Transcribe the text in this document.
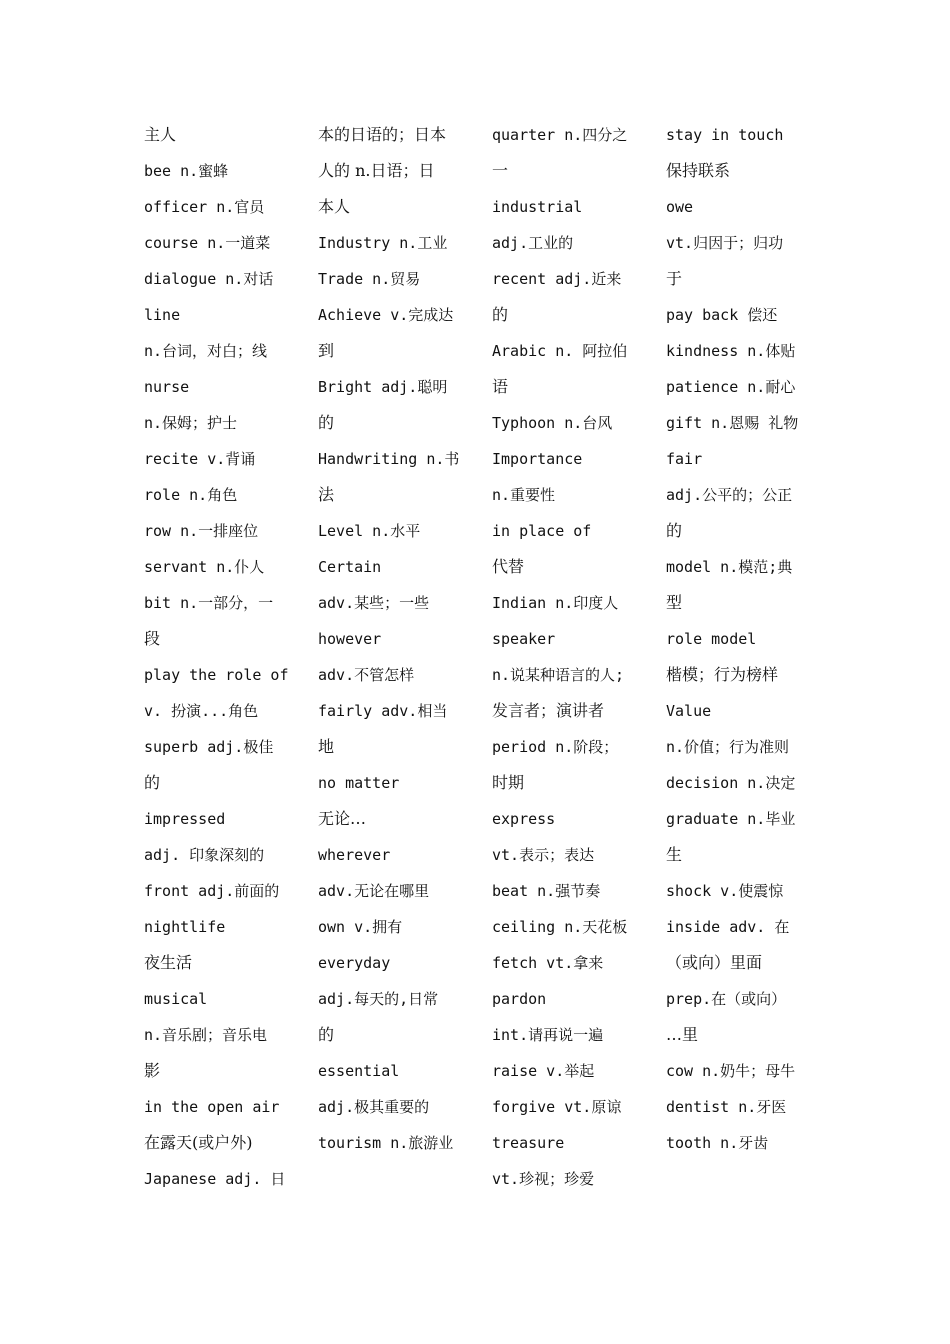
主人
bee n.蜜蜂
officer n.官员
course n.一道菜
dialogue n.对话
line
n.台词，对白；线
nurse
n.保姆；护士
recite v.背诵
role n.角色
row n.一排座位
servant n.仆人
bit n.一部分，一
段
play the role of
v. 扮演...角色
superb adj.极佳
的
impressed
adj. 印象深刻的
front adj.前面的
nightlife
夜生活
musical
n.音乐剧；音乐电
影
in the open air
在露天(或户外)
Japanese adj. 日
本的日语的；日本
人的 n.日语；日
本人
Industry n.工业
Trade n.贸易
Achieve v.完成达
到
Bright adj.聪明
的
Handwriting n.书
法
Level n.水平
Certain
adv.某些；一些
however
adv.不管怎样
fairly adv.相当
地
no matter
无论…
wherever
adv.无论在哪里
own v.拥有
everyday
adj.每天的,日常
的
essential
adj.极其重要的
tourism n.旅游业
quarter n.四分之
一
industrial
adj.工业的
recent adj.近来
的
Arabic n. 阿拉伯
语
Typhoon n.台风
Importance
n.重要性
in place of
代替
Indian n.印度人
speaker
n.说某种语言的人;
发言者；演讲者
period n.阶段；
时期
express
vt.表示；表达
beat n.强节奏
ceiling n.天花板
fetch vt.拿来
pardon
int.请再说一遍
raise v.举起
forgive vt.原谅
treasure
vt.珍视；珍爱
stay in touch
保持联系
owe
vt.归因于；归功
于
pay back 偿还
kindness n.体贴
patience n.耐心
gift n.恩赐 礼物
fair
adj.公平的；公正
的
model n.模范;典
型
role model
楷模；行为榜样
Value
n.价值；行为准则
decision n.决定
graduate n.毕业
生
shock v.使震惊
inside adv. 在
（或向）里面
prep.在（或向）
…里
cow n.奶牛；母牛
dentist n.牙医
tooth n.牙齿
